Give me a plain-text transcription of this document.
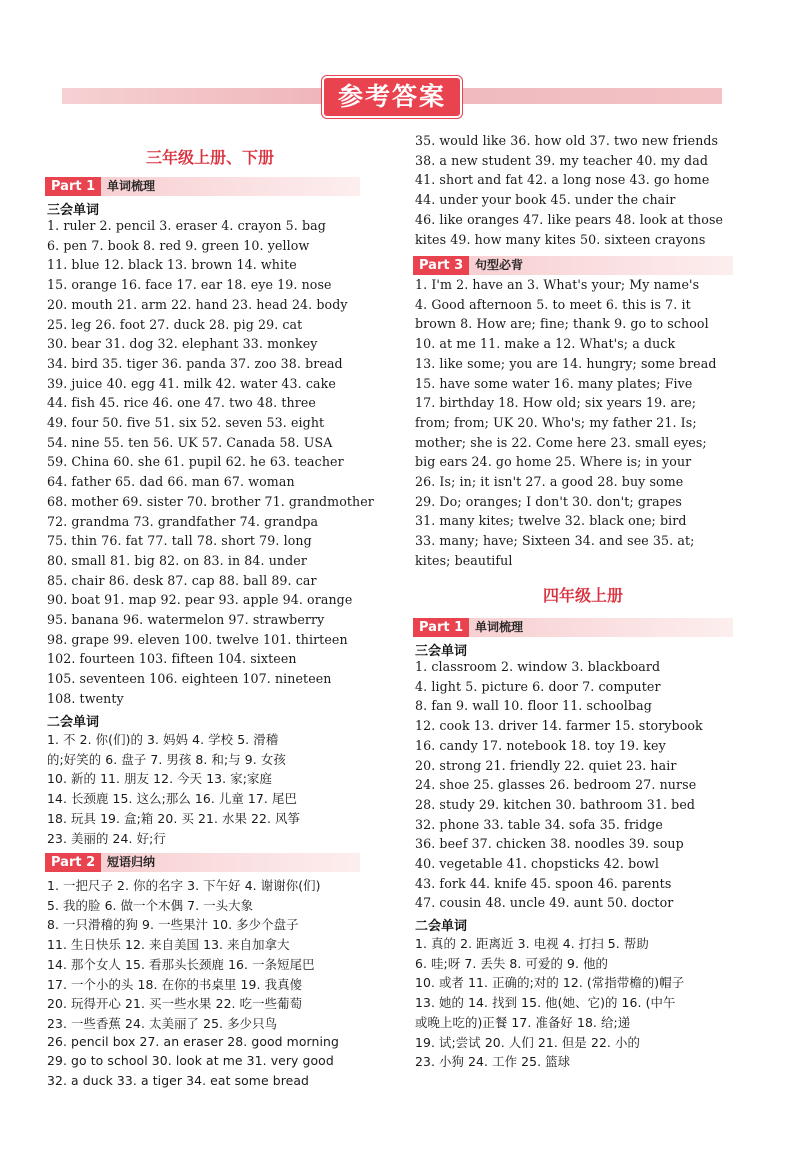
参考答案
三年级上册、下册
Part 1 单词梳理
三会单词
1. ruler 2. pencil 3. eraser 4. crayon 5. bag
6. pen 7. book 8. red 9. green 10. yellow
11. blue 12. black 13. brown 14. white
15. orange 16. face 17. ear 18. eye 19. nose
20. mouth 21. arm 22. hand 23. head 24. body
25. leg 26. foot 27. duck 28. pig 29. cat
30. bear 31. dog 32. elephant 33. monkey
34. bird 35. tiger 36. panda 37. zoo 38. bread
39. juice 40. egg 41. milk 42. water 43. cake
44. fish 45. rice 46. one 47. two 48. three
49. four 50. five 51. six 52. seven 53. eight
54. nine 55. ten 56. UK 57. Canada 58. USA
59. China 60. she 61. pupil 62. he 63. teacher
64. father 65. dad 66. man 67. woman
68. mother 69. sister 70. brother 71. grandmother
72. grandma 73. grandfather 74. grandpa
75. thin 76. fat 77. tall 78. short 79. long
80. small 81. big 82. on 83. in 84. under
85. chair 86. desk 87. cap 88. ball 89. car
90. boat 91. map 92. pear 93. apple 94. orange
95. banana 96. watermelon 97. strawberry
98. grape 99. eleven 100. twelve 101. thirteen
102. fourteen 103. fifteen 104. sixteen
105. seventeen 106. eighteen 107. nineteen
108. twenty
二会单词
1. 不 2. 你(们)的 3. 妈妈 4. 学校 5. 滑稽
的;好笑的 6. 盘子 7. 男孩 8. 和;与 9. 女孩
10. 新的 11. 朋友 12. 今天 13. 家;家庭
14. 长颈鹿 15. 这么;那么 16. 儿童 17. 尾巴
18. 玩具 19. 盒;箱 20. 买 21. 水果 22. 风筝
23. 美丽的 24. 好;行
Part 2 短语归纳
1. 一把尺子 2. 你的名字 3. 下午好 4. 谢谢你(们)
5. 我的脸 6. 做一个木偶 7. 一头大象
8. 一只滑稽的狗 9. 一些果汁 10. 多少个盘子
11. 生日快乐 12. 来自美国 13. 来自加拿大
14. 那个女人 15. 看那头长颈鹿 16. 一条短尾巴
17. 一个小的头 18. 在你的书桌里 19. 我真傻
20. 玩得开心 21. 买一些水果 22. 吃一些葡萄
23. 一些香蕉 24. 太美丽了 25. 多少只鸟
26. pencil box 27. an eraser 28. good morning
29. go to school 30. look at me 31. very good
32. a duck 33. a tiger 34. eat some bread
35. would like 36. how old 37. two new friends
38. a new student 39. my teacher 40. my dad
41. short and fat 42. a long nose 43. go home
44. under your book 45. under the chair
46. like oranges 47. like pears 48. look at those
kites 49. how many kites 50. sixteen crayons
Part 3 句型必背
1. I'm 2. have an 3. What's your; My name's
4. Good afternoon 5. to meet 6. this is 7. it
brown 8. How are; fine; thank 9. go to school
10. at me 11. make a 12. What's; a duck
13. like some; you are 14. hungry; some bread
15. have some water 16. many plates; Five
17. birthday 18. How old; six years 19. are;
from; from; UK 20. Who's; my father 21. Is;
mother; she is 22. Come here 23. small eyes;
big ears 24. go home 25. Where is; in your
26. Is; in; it isn't 27. a good 28. buy some
29. Do; oranges; I don't 30. don't; grapes
31. many kites; twelve 32. black one; bird
33. many; have; Sixteen 34. and see 35. at;
kites; beautiful
四年级上册
Part 1 单词梳理
三会单词
1. classroom 2. window 3. blackboard
4. light 5. picture 6. door 7. computer
8. fan 9. wall 10. floor 11. schoolbag
12. cook 13. driver 14. farmer 15. storybook
16. candy 17. notebook 18. toy 19. key
20. strong 21. friendly 22. quiet 23. hair
24. shoe 25. glasses 26. bedroom 27. nurse
28. study 29. kitchen 30. bathroom 31. bed
32. phone 33. table 34. sofa 35. fridge
36. beef 37. chicken 38. noodles 39. soup
40. vegetable 41. chopsticks 42. bowl
43. fork 44. knife 45. spoon 46. parents
47. cousin 48. uncle 49. aunt 50. doctor
二会单词
1. 真的 2. 距离近 3. 电视 4. 打扫 5. 帮助
6. 哇;呀 7. 丢失 8. 可爱的 9. 他的
10. 或者 11. 正确的;对的 12. (常指带檐的)帽子
13. 她的 14. 找到 15. 他(她、它)的 16. (中午
或晚上吃的)正餐 17. 准备好 18. 给;递
19. 试;尝试 20. 人们 21. 但是 22. 小的
23. 小狗 24. 工作 25. 篮球
